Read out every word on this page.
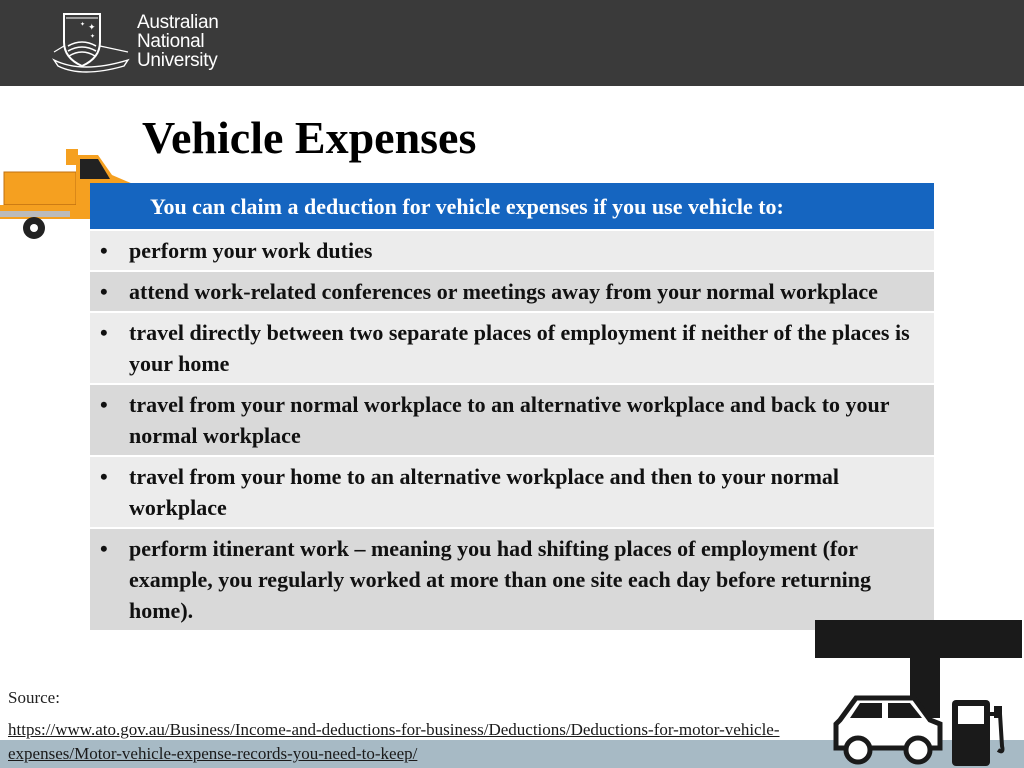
✦
✦
✦
Australian
National
University
Vehicle Expenses
You can claim a deduction for vehicle expenses if you use vehicle to:
• perform your work duties
• attend work-related conferences or meetings away from your normal workplace
• travel directly between two separate places of employment if neither of the places is your home
• travel from your normal workplace to an alternative workplace and back to your normal workplace
• travel from your home to an alternative workplace and then to your normal workplace
• perform itinerant work – meaning you had shifting places of employment (for example, you regularly worked at more than one site each day before returning home).
Source:
https://www.ato.gov.au/Business/Income-and-deductions-for-business/Deductions/Deductions-for-motor-vehicle-expenses/Motor-vehicle-expense-records-you-need-to-keep/
